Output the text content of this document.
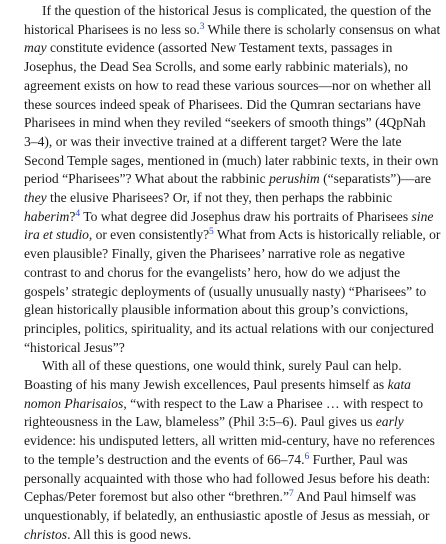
If the question of the historical Jesus is complicated, the question of the
historical Pharisees is no less so.$^3$ While there is scholarly consensus on what
may constitute evidence (assorted New Testament texts, passages in
Josephus, the Dead Sea Scrolls, and some early rabbinic materials), no
agreement exists on how to read these various sources—nor on whether all
these sources indeed speak of Pharisees. Did the Qumran sectarians have
Pharisees in mind when they reviled “seekers of smooth things” (4QpNah
3–4), or was their invective trained at a different target? Were the late
Second Temple sages, mentioned in (much) later rabbinic texts, in their own
period “Pharisees”? What about the rabbinic perushim (“separatists”)—are
they the elusive Pharisees? Or, if not they, then perhaps the rabbinic
haberim?$^4$ To what degree did Josephus draw his portraits of Pharisees sine
ira et studio, or even consistently?$^5$ What from Acts is historically reliable, or
even plausible? Finally, given the Pharisees’ narrative role as negative
contrast to and chorus for the evangelists’ hero, how do we adjust the
gospels’ strategic deployments of (usually unusually nasty) “Pharisees” to
glean historically plausible information about this group’s convictions,
principles, politics, spirituality, and its actual relations with our conjectured
“historical Jesus”?
With all of these questions, one would think, surely Paul can help.
Boasting of his many Jewish excellences, Paul presents himself as kata
nomon Pharisaios, “with respect to the Law a Pharisee … with respect to
righteousness in the Law, blameless” (Phil 3:5–6). Paul gives us early
evidence: his undisputed letters, all written mid-century, have no references
to the temple’s destruction and the events of 66–74.$^6$ Further, Paul was
personally acquainted with those who had followed Jesus before his death:
Cephas/Peter foremost but also other “brethren.”$^7$ And Paul himself was
unquestionably, if belatedly, an enthusiastic apostle of Jesus as messiah, or
christos. All this is good news.
